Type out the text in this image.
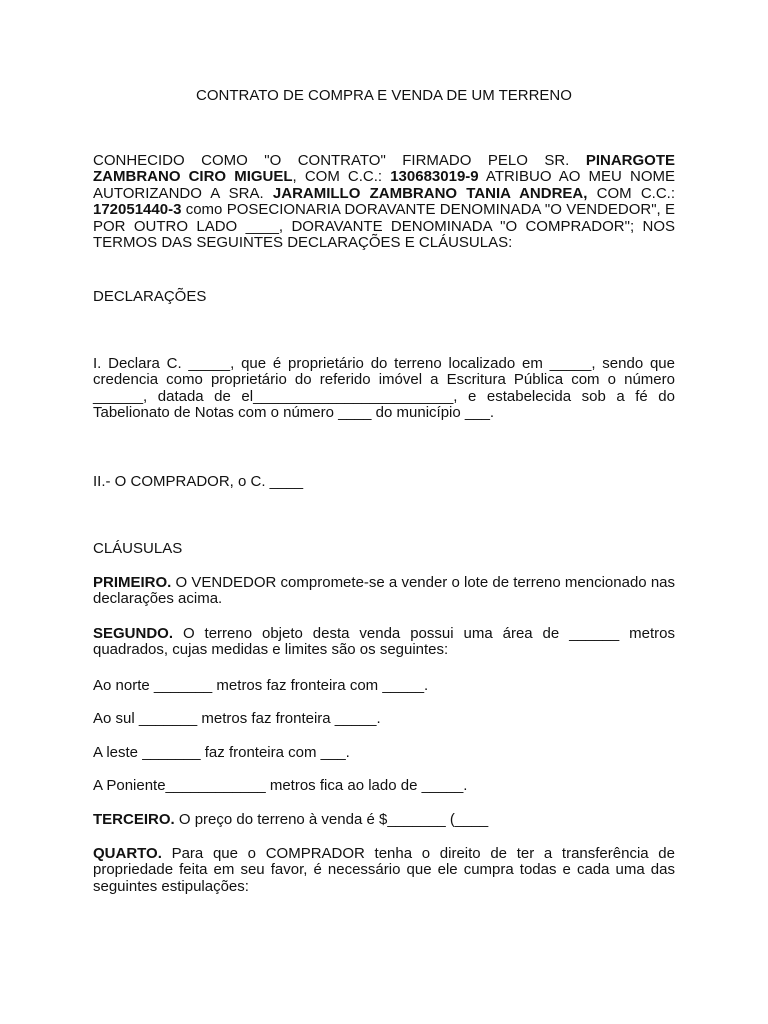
CONTRATO DE COMPRA E VENDA DE UM TERRENO

CONHECIDO COMO "O CONTRATO" FIRMADO PELO SR. PINARGOTE ZAMBRANO CIRO MIGUEL, COM C.C.: 130683019-9 ATRIBUO AO MEU NOME AUTORIZANDO A SRA. JARAMILLO ZAMBRANO TANIA ANDREA, COM C.C.: 172051440-3 como POSECIONARIA DORAVANTE DENOMINADA "O VENDEDOR", E POR OUTRO LADO ____, DORAVANTE DENOMINADA "O COMPRADOR"; NOS TERMOS DAS SEGUINTES DECLARAÇÕES E CLÁUSULAS:

DECLARAÇÕES

I. Declara C. _____, que é proprietário do terreno localizado em _____, sendo que credencia como proprietário do referido imóvel a Escritura Pública com o número ______, datada de el________________________, e estabelecida sob a fé do Tabelionato de Notas com o número ____ do município ___.

II.- O COMPRADOR, o C. ____

CLÁUSULAS

PRIMEIRO. O VENDEDOR compromete-se a vender o lote de terreno mencionado nas declarações acima.

SEGUNDO. O terreno objeto desta venda possui uma área de ______ metros quadrados, cujas medidas e limites são os seguintes:

Ao norte _______ metros faz fronteira com _____.

Ao sul _______ metros faz fronteira _____.

A leste _______ faz fronteira com ___.

A Poniente____________ metros fica ao lado de _____.

TERCEIRO. O preço do terreno à venda é $_______ (____

QUARTO. Para que o COMPRADOR tenha o direito de ter a transferência de propriedade feita em seu favor, é necessário que ele cumpra todas e cada uma das seguintes estipulações:
